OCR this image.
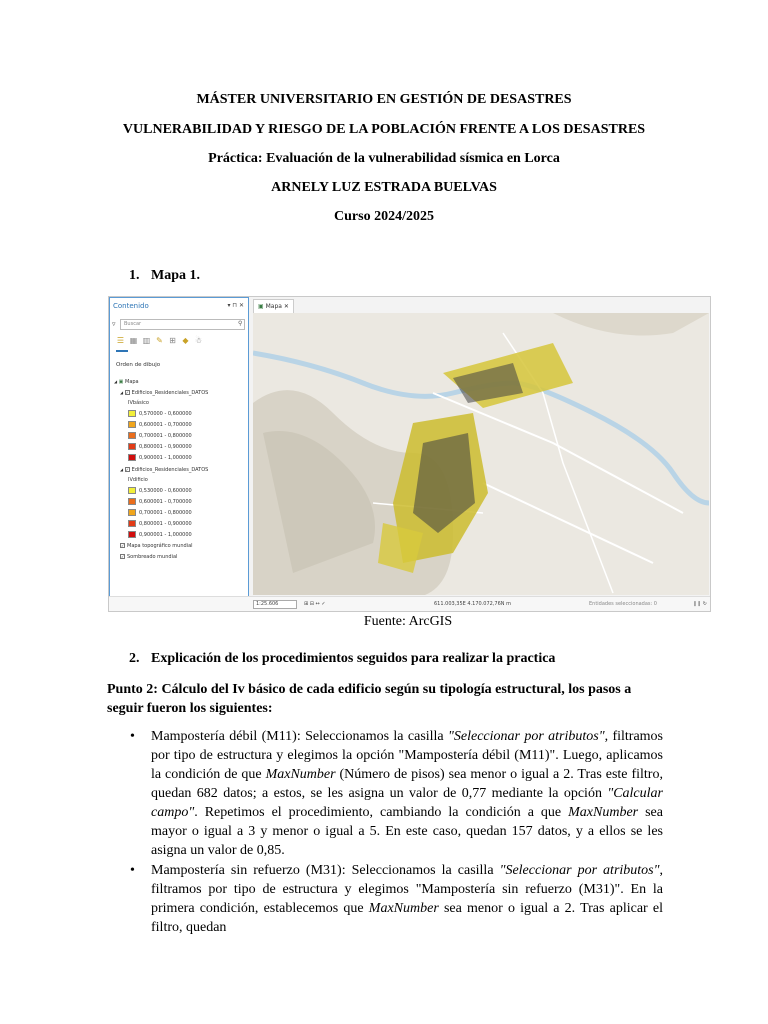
MÁSTER UNIVERSITARIO EN GESTIÓN DE DESASTRES
VULNERABILIDAD Y RIESGO DE LA POBLACIÓN FRENTE A LOS DESASTRES
Práctica: Evaluación de la vulnerabilidad sísmica en Lorca
ARNELY LUZ ESTRADA BUELVAS
Curso 2024/2025
1. Mapa 1.
Contenido	▾ ⊓ ✕
▿	Buscar	⚲
☰ ▦ ▥ ✎ ⊞ ◆ ☃
Orden de dibujo
◢ ▣ Mapa
◢ ✓ Edificios_Residenciales_DATOS
IVbásico
0,570000 - 0,600000
0,600001 - 0,700000
0,700001 - 0,800000
0,800001 - 0,900000
0,900001 - 1,000000
◢ ✓ Edificios_Residenciales_DATOS
IVdificio
0,530000 - 0,600000
0,600001 - 0,700000
0,700001 - 0,800000
0,800001 - 0,900000
0,900001 - 1,000000
✓ Mapa topográfico mundial
✓ Sombreado mundial
▣ Mapa ✕
1:25.606	⊞ ⊟ ↔ ✓	611.003,35E 4.170.072,76N m	Entidades seleccionadas: 0	❙❙ ↻
Fuente: ArcGIS
2. Explicación de los procedimientos seguidos para realizar la practica
Punto 2: Cálculo del Iv básico de cada edificio según su tipología estructural, los pasos a seguir fueron los siguientes:
• Mampostería débil (M11): Seleccionamos la casilla "Seleccionar por atributos", filtramos por tipo de estructura y elegimos la opción "Mampostería débil (M11)". Luego, aplicamos la condición de que MaxNumber (Número de pisos) sea menor o igual a 2. Tras este filtro, quedan 682 datos; a estos, se les asigna un valor de 0,77 mediante la opción "Calcular campo". Repetimos el procedimiento, cambiando la condición a que MaxNumber sea mayor o igual a 3 y menor o igual a 5. En este caso, quedan 157 datos, y a ellos se les asigna un valor de 0,85.
• Mampostería sin refuerzo (M31): Seleccionamos la casilla "Seleccionar por atributos", filtramos por tipo de estructura y elegimos "Mampostería sin refuerzo (M31)". En la primera condición, establecemos que MaxNumber sea menor o igual a 2. Tras aplicar el filtro, quedan
